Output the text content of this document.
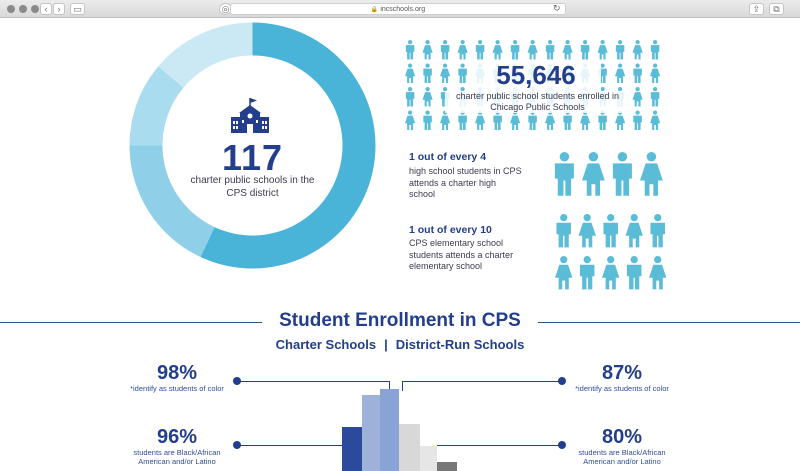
‹	›	▭	◎	🔒 incschools.org	↻	⇪	⧉
117
charter public schools in the CPS district
55,646
charter public school students enrolled in Chicago Public Schools
1 out of every 4
high school students in CPS attends a charter high school
1 out of every 10
CPS elementary school students attends a charter elementary school
Student Enrollment in CPS
Charter Schools | District-Run Schools
98%
*identify as students of color
96%
students are Black/African American and/or Latino
87%
*identify as students of color
80%
students are Black/African American and/or Latino
